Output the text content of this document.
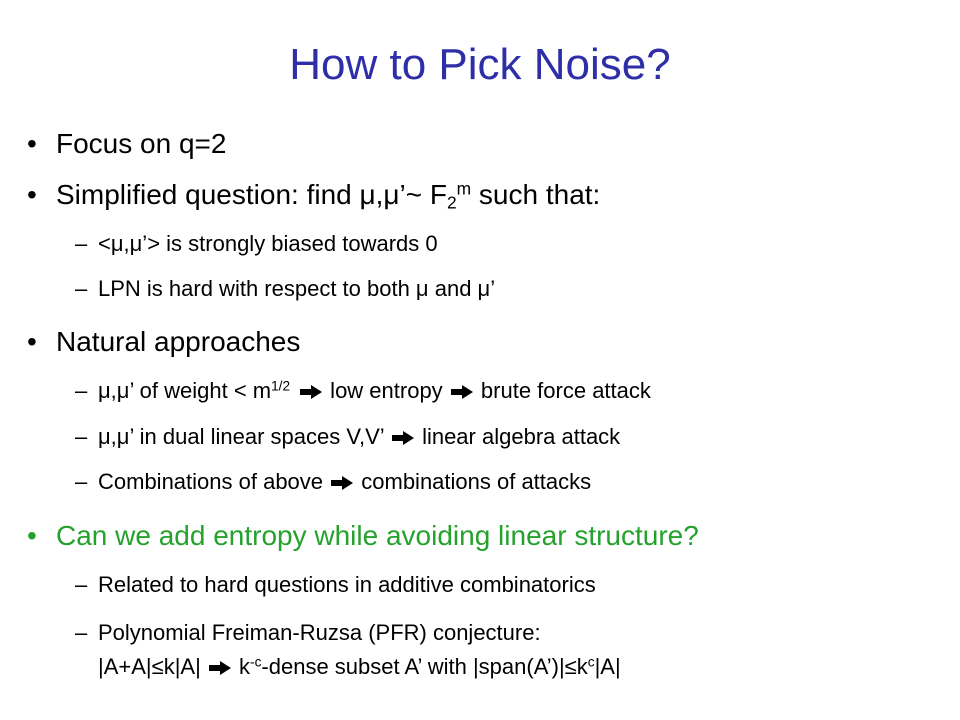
How to Pick Noise?
• Focus on q=2
• Simplified question: find μ,μ’~ $F_2^m$ such that:
– <μ,μ’> is strongly biased towards 0
– LPN is hard with respect to both μ and μ’
• Natural approaches
– μ,μ’ of weight < $m^{1/2}$ low entropy  brute force attack
– μ,μ’ in dual linear spaces V,V’  linear algebra attack
– Combinations of above  combinations of attacks
• Can we add entropy while avoiding linear structure?
– Related to hard questions in additive combinatorics
– Polynomial Freiman-Ruzsa (PFR) conjecture:
|A+A|≤k|A|  $k^{-c}$-dense subset A’ with $|span(A’)|\le k^c|A|$
